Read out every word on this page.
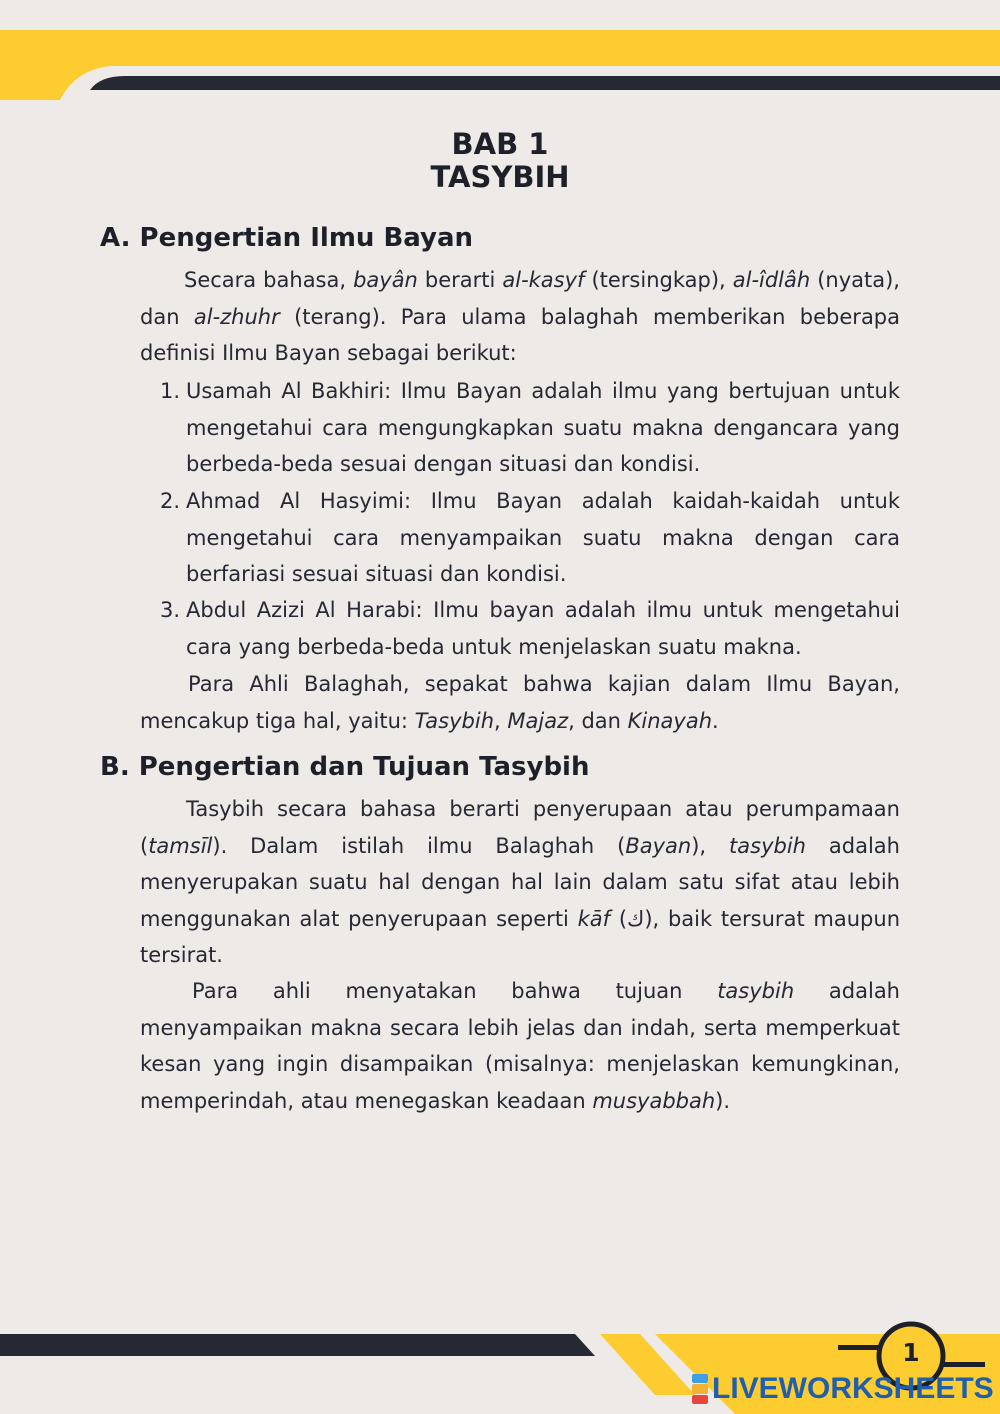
BAB 1
TASYBIH
A. Pengertian Ilmu Bayan

Secara bahasa, bayân berarti al-kasyf (tersingkap), al-îdlâh (nyata), dan al-zhuhr (terang). Para ulama balaghah memberikan beberapa definisi Ilmu Bayan sebagai berikut:

1. Usamah Al Bakhiri: Ilmu Bayan adalah ilmu yang bertujuan untuk mengetahui cara mengungkapkan suatu makna dengancara yang berbeda-beda sesuai dengan situasi dan kondisi.

2. Ahmad Al Hasyimi: Ilmu Bayan adalah kaidah-kaidah untuk mengetahui cara menyampaikan suatu makna dengan cara berfariasi sesuai situasi dan kondisi.

3. Abdul Azizi Al Harabi: Ilmu bayan adalah ilmu untuk mengetahui cara yang berbeda-beda untuk menjelaskan suatu makna.

Para Ahli Balaghah, sepakat bahwa kajian dalam Ilmu Bayan, mencakup tiga hal, yaitu: Tasybih, Majaz, dan Kinayah.

B. Pengertian dan Tujuan Tasybih

Tasybih secara bahasa berarti penyerupaan atau perumpamaan (tamsīl). Dalam istilah ilmu Balaghah (Bayan), tasybih adalah menyerupakan suatu hal dengan hal lain dalam satu sifat atau lebih menggunakan alat penyerupaan seperti kāf (ك), baik tersurat maupun tersirat.

Para ahli menyatakan bahwa tujuan tasybih adalah menyampaikan makna secara lebih jelas dan indah, serta memperkuat kesan yang ingin disampaikan (misalnya: menjelaskan kemungkinan, memperindah, atau menegaskan keadaan musyabbah).

1
LIVEWORKSHEETS
